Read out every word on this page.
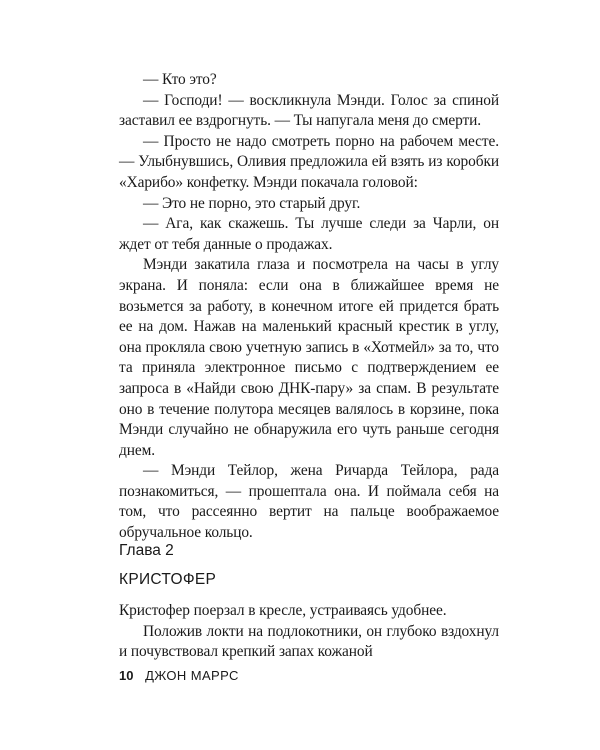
— Кто это?

— Господи! — воскликнула Мэнди. Голос за спиной заставил ее вздрогнуть. — Ты напугала меня до смерти.

— Просто не надо смотреть порно на рабочем месте. — Улыбнувшись, Оливия предложила ей взять из коробки «Харибо» конфетку. Мэнди покачала головой:

— Это не порно, это старый друг.

— Ага, как скажешь. Ты лучше следи за Чарли, он ждет от тебя данные о продажах.

Мэнди закатила глаза и посмотрела на часы в углу экрана. И поняла: если она в ближайшее время не возьмется за работу, в конечном итоге ей придется брать ее на дом. Нажав на маленький красный крестик в углу, она прокляла свою учетную запись в «Хотмейл» за то, что та приняла электронное письмо с подтверждением ее запроса в «Найди свою ДНК-пару» за спам. В результате оно в течение полутора месяцев валялось в корзине, пока Мэнди случайно не обнаружила его чуть раньше сегодня днем.

— Мэнди Тейлор, жена Ричарда Тейлора, рада познакомиться, — прошептала она. И поймала себя на том, что рассеянно вертит на пальце воображаемое обручальное кольцо.

Глава 2
КРИСТОФЕР

Кристофер поерзал в кресле, устраиваясь удобнее.

Положив локти на подлокотники, он глубоко вздохнул и почувствовал крепкий запах кожаной

10 ДЖОН МАРРС
